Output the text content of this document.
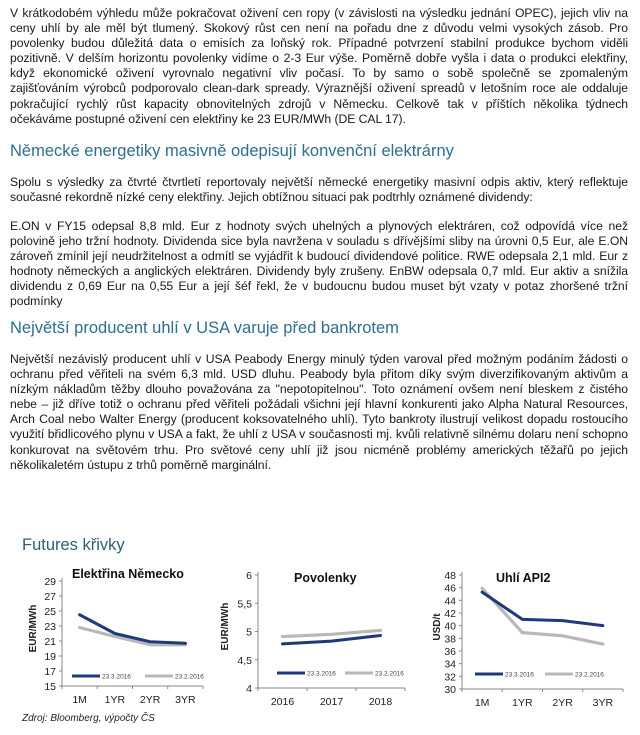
V krátkodobém výhledu může pokračovat oživení cen ropy (v závislosti na výsledku jednání OPEC), jejich vliv na ceny uhlí by ale měl být tlumený. Skokový růst cen není na pořadu dne z důvodu velmi vysokých zásob. Pro povolenky budou důležitá data o emisích za loňský rok. Případné potvrzení stabilní produkce bychom viděli pozitivně. V delším horizontu povolenky vidíme o 2-3 Eur výše. Poměrně dobře vyšla i data o produkci elektřiny, když ekonomické oživení vyrovnalo negativní vliv počasí. To by samo o sobě společně se zpomaleným zajišťováním výrobců podporovalo clean-dark spready. Výraznější oživení spreadů v letošním roce ale oddaluje pokračující rychlý růst kapacity obnovitelných zdrojů v Německu. Celkově tak v příštích několika týdnech očekáváme postupné oživení cen elektřiny ke 23 EUR/MWh (DE CAL 17).

Německé energetiky masivně odepisují konvenční elektrárny

Spolu s výsledky za čtvrté čtvrtletí reportovaly největší německé energetiky masivní odpis aktiv, který reflektuje současné rekordně nízké ceny elektřiny. Jejich obtížnou situaci pak podtrhly oznámené dividendy:

E.ON v FY15 odepsal 8,8 mld. Eur z hodnoty svých uhelných a plynových elektráren, což odpovídá více než polovině jeho tržní hodnoty. Dividenda sice byla navržena v souladu s dřívějšími sliby na úrovni 0,5 Eur, ale E.ON zároveň zmínil její neudržitelnost a odmítl se vyjádřit k budoucí dividendové politice. RWE odepsala 2,1 mld. Eur z hodnoty německých a anglických elektráren. Dividendy byly zrušeny. EnBW odepsala 0,7 mld. Eur aktiv a snížila dividendu z 0,69 Eur na 0,55 Eur a její šéf řekl, že v budoucnu budou muset být vzaty v potaz zhoršené tržní podmínky

Největší producent uhlí v USA varuje před bankrotem

Největší nezávislý producent uhlí v USA Peabody Energy minulý týden varoval před možným podáním žádosti o ochranu před věřiteli na svém 6,3 mld. USD dluhu. Peabody byla přitom díky svým diverzifikovaným aktivům a nízkým nákladům těžby dlouho považována za "nepotopitelnou". Toto oznámení ovšem není bleskem z čistého nebe – již dříve totiž o ochranu před věřiteli požádali všichni její hlavní konkurenti jako Alpha Natural Resources, Arch Coal nebo Walter Energy (producent koksovatelného uhlí). Tyto bankroty ilustrují velikost dopadu rostoucího využití břidlicového plynu v USA a fakt, že uhlí z USA v současnosti mj. kvůli relativně silnému dolaru není schopno konkurovat na světovém trhu. Pro světové ceny uhlí již jsou nicméně problémy amerických těžařů po jejich několikaletém ústupu z trhů poměrně marginální.

Futures křivky
15
17
19
21
23
25
27
29
1M 1YR 2YR 3YR
EUR/MWh
Elektřina Německo
23.3.2016	23.2.2016
4
4,5
5
5,5
6
2016 2017 2018
EUR/MWh
Povolenky
23.3.2016	23.2.2016
30
32
34
36
38
40
42
44
46
48
1M 1YR 2YR 3YR
USD/t
Uhlí API2
23.3.2016	23.2.2016
Zdroj: Bloomberg, výpočty ČS
